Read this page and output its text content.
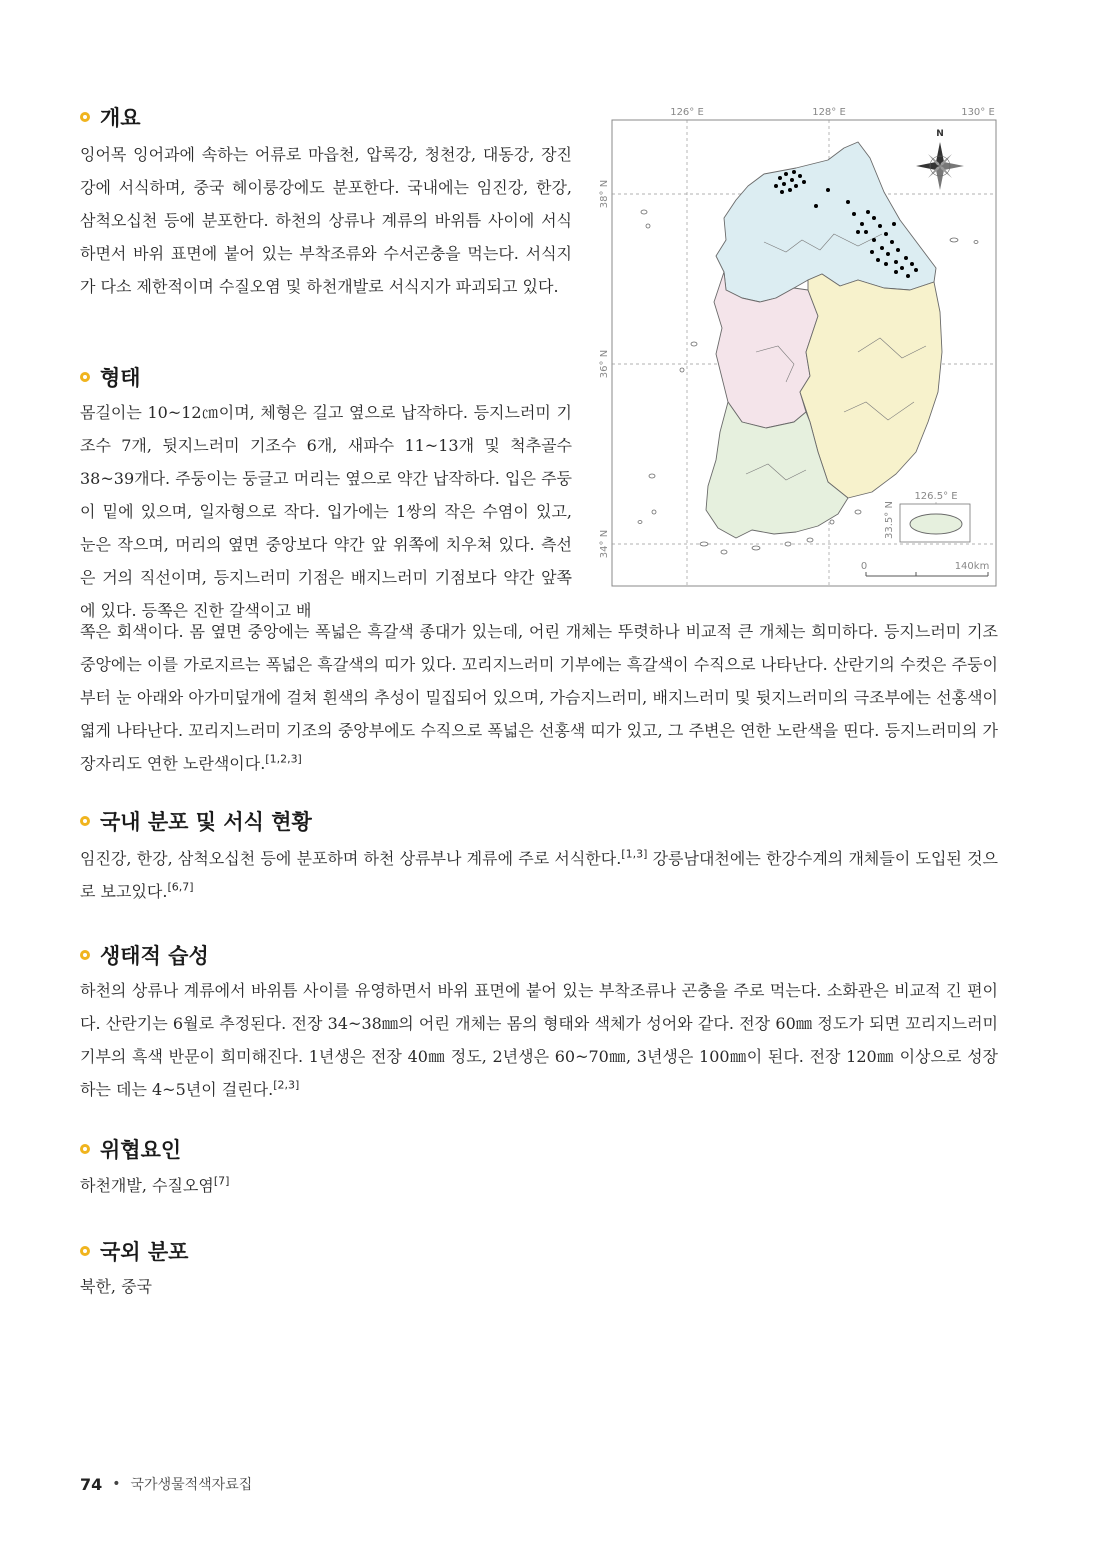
개요

잉어목 잉어과에 속하는 어류로 마읍천, 압록강, 청천강, 대동강, 장진강에 서식하며, 중국 헤이룽강에도 분포한다. 국내에는 임진강, 한강, 삼척오십천 등에 분포한다. 하천의 상류나 계류의 바위틈 사이에 서식하면서 바위 표면에 붙어 있는 부착조류와 수서곤충을 먹는다. 서식지가 다소 제한적이며 수질오염 및 하천개발로 서식지가 파괴되고 있다.

형태

몸길이는 10~12㎝이며, 체형은 길고 옆으로 납작하다. 등지느러미 기조수 7개, 뒷지느러미 기조수 6개, 새파수 11~13개 및 척추골수 38~39개다. 주둥이는 둥글고 머리는 옆으로 약간 납작하다. 입은 주둥이 밑에 있으며, 일자형으로 작다. 입가에는 1쌍의 작은 수염이 있고, 눈은 작으며, 머리의 옆면 중앙보다 약간 앞 위쪽에 치우쳐 있다. 측선은 거의 직선이며, 등지느러미 기점은 배지느러미 기점보다 약간 앞쪽에 있다. 등쪽은 진한 갈색이고 배

쪽은 회색이다. 몸 옆면 중앙에는 폭넓은 흑갈색 종대가 있는데, 어린 개체는 뚜렷하나 비교적 큰 개체는 희미하다. 등지느러미 기조 중앙에는 이를 가로지르는 폭넓은 흑갈색의 띠가 있다. 꼬리지느러미 기부에는 흑갈색이 수직으로 나타난다. 산란기의 수컷은 주둥이부터 눈 아래와 아가미덮개에 걸쳐 흰색의 추성이 밀집되어 있으며, 가슴지느러미, 배지느러미 및 뒷지느러미의 극조부에는 선홍색이 엷게 나타난다. 꼬리지느러미 기조의 중앙부에도 수직으로 폭넓은 선홍색 띠가 있고, 그 주변은 연한 노란색을 띤다. 등지느러미의 가장자리도 연한 노란색이다.[1,2,3]

국내 분포 및 서식 현황

임진강, 한강, 삼척오십천 등에 분포하며 하천 상류부나 계류에 주로 서식한다.[1,3] 강릉남대천에는 한강수계의 개체들이 도입된 것으로 보고있다.[6,7]

생태적 습성

하천의 상류나 계류에서 바위틈 사이를 유영하면서 바위 표면에 붙어 있는 부착조류나 곤충을 주로 먹는다. 소화관은 비교적 긴 편이다. 산란기는 6월로 추정된다. 전장 34~38㎜의 어린 개체는 몸의 형태와 색체가 성어와 같다. 전장 60㎜ 정도가 되면 꼬리지느러미 기부의 흑색 반문이 희미해진다. 1년생은 전장 40㎜ 정도, 2년생은 60~70㎜, 3년생은 100㎜이 된다. 전장 120㎜ 이상으로 성장하는 데는 4~5년이 걸린다.[2,3]

위협요인

하천개발, 수질오염[7]

국외 분포

북한, 중국

126° E	128° E	130° E
38° N
36° N
34° N
N
126.5° E
33.5° N
0	140km
74 • 국가생물적색자료집
